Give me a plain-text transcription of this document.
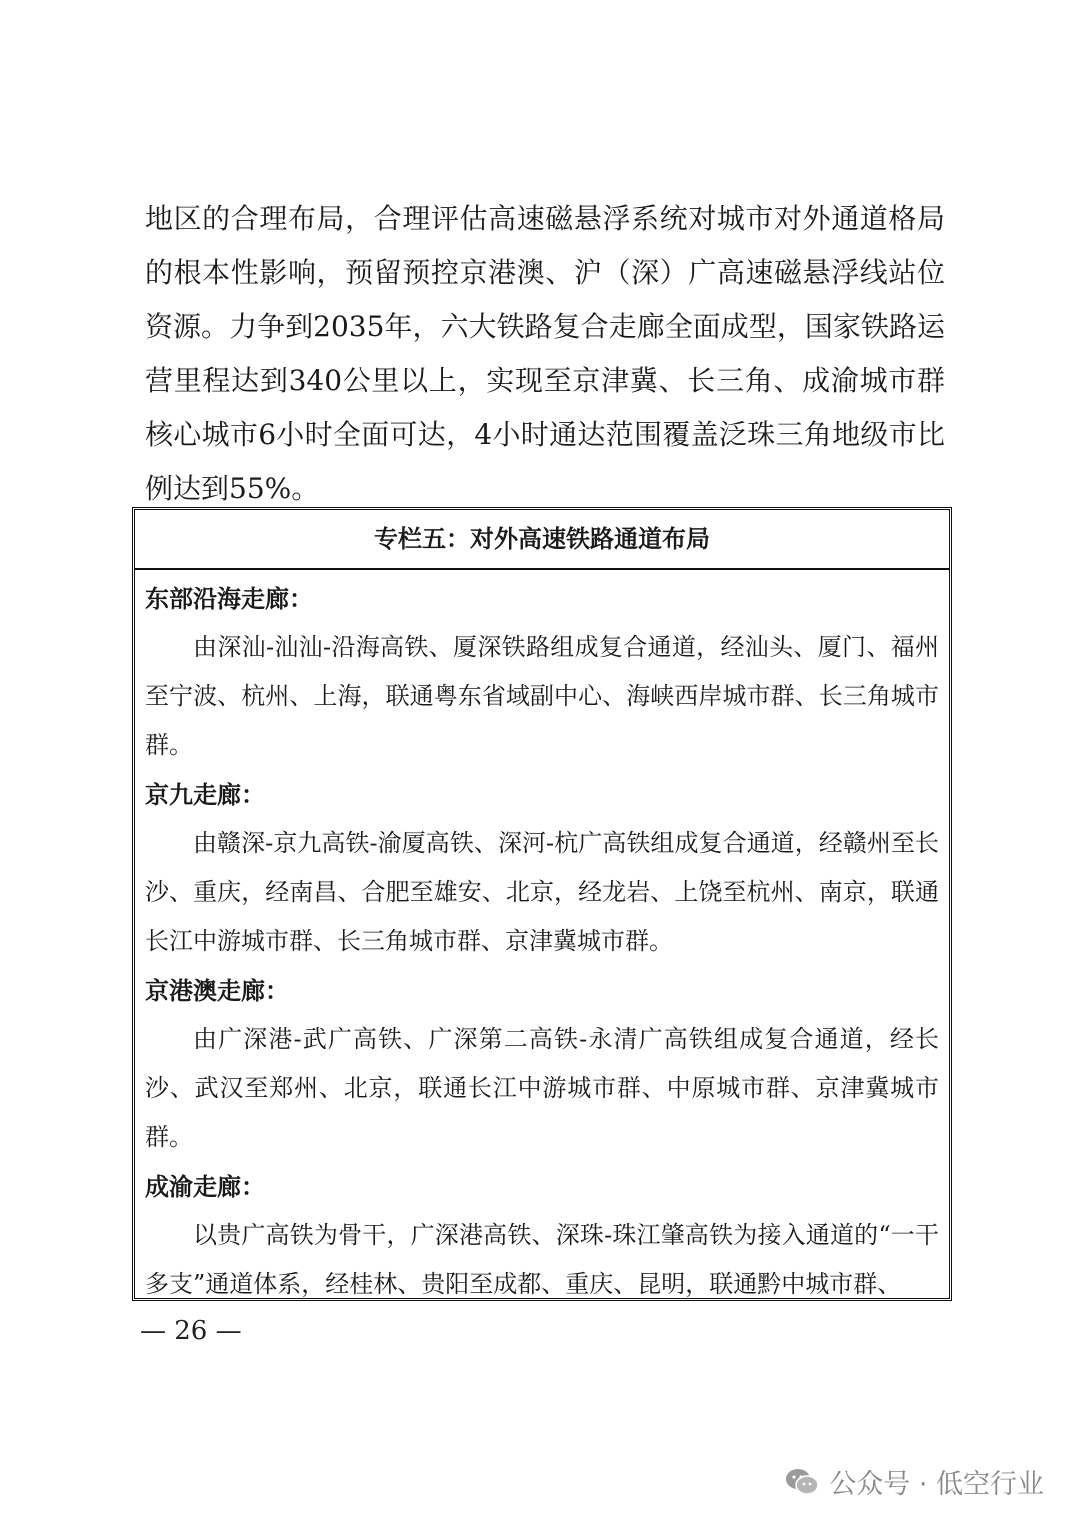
地区的合理布局，合理评估高速磁悬浮系统对城市对外通道格局的根本性影响，预留预控京港澳、沪（深）广高速磁悬浮线站位资源。力争到2035年，六大铁路复合走廊全面成型，国家铁路运营里程达到340公里以上，实现至京津冀、长三角、成渝城市群核心城市6小时全面可达，4小时通达范围覆盖泛珠三角地级市比例达到55%。

专栏五：对外高速铁路通道布局

东部沿海走廊：

由深汕-汕汕-沿海高铁、厦深铁路组成复合通道，经汕头、厦门、福州至宁波、杭州、上海，联通粤东省域副中心、海峡西岸城市群、长三角城市群。

京九走廊：

由赣深-京九高铁-渝厦高铁、深河-杭广高铁组成复合通道，经赣州至长沙、重庆，经南昌、合肥至雄安、北京，经龙岩、上饶至杭州、南京，联通长江中游城市群、长三角城市群、京津冀城市群。

京港澳走廊：

由广深港-武广高铁、广深第二高铁-永清广高铁组成复合通道，经长沙、武汉至郑州、北京，联通长江中游城市群、中原城市群、京津冀城市群。

成渝走廊：

以贵广高铁为骨干，广深港高铁、深珠-珠江肇高铁为接入通道的“一干多支”通道体系，经桂林、贵阳至成都、重庆、昆明，联通黔中城市群、

— 26 —
公众号 · 低空行业
